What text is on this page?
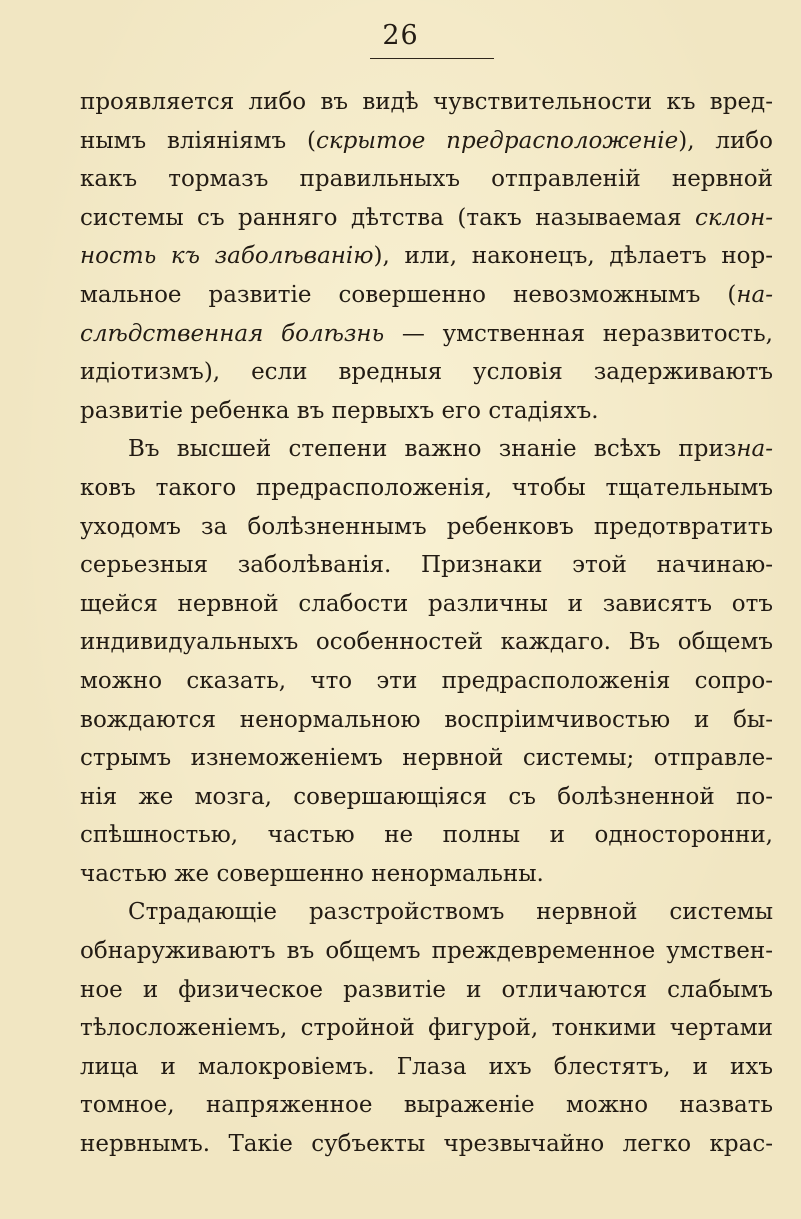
26
проявляется либо въ видѣ чувствительности къ вред-
нымъ вліяніямъ (скрытое предрасположеніе), либо
какъ тормазъ правильныхъ отправленій нервной
системы съ ранняго дѣтства (такъ называемая склон-
ность къ заболѣванію), или, наконецъ, дѣлаетъ нор-
мальное развитіе совершенно невозможнымъ (на-
слѣдственная болѣзнь — умственная неразвитость,
идіотизмъ), если вредныя условія задерживаютъ
развитіе ребенка въ первыхъ его стадіяхъ.
Въ высшей степени важно знаніе всѣхъ призна-
ковъ такого предрасположенія, чтобы тщательнымъ
уходомъ за болѣзненнымъ ребенковъ предотвратить
серьезныя заболѣванія. Признаки этой начинаю-
щейся нервной слабости различны и зависятъ отъ
индивидуальныхъ особенностей каждаго. Въ общемъ
можно сказать, что эти предрасположенія сопро-
вождаются ненормальною воспріимчивостью и бы-
стрымъ изнеможеніемъ нервной системы; отправле-
нія же мозга, совершающіяся съ болѣзненной по-
спѣшностью, частью не полны и односторонни,
частью же совершенно ненормальны.
Страдающіе разстройствомъ нервной системы
обнаруживаютъ въ общемъ преждевременное умствен-
ное и физическое развитіе и отличаются слабымъ
тѣлосложеніемъ, стройной фигурой, тонкими чертами
лица и малокровіемъ. Глаза ихъ блестятъ, и ихъ
томное, напряженное выраженіе можно назвать
нервнымъ. Такіе субъекты чрезвычайно легко крас-
